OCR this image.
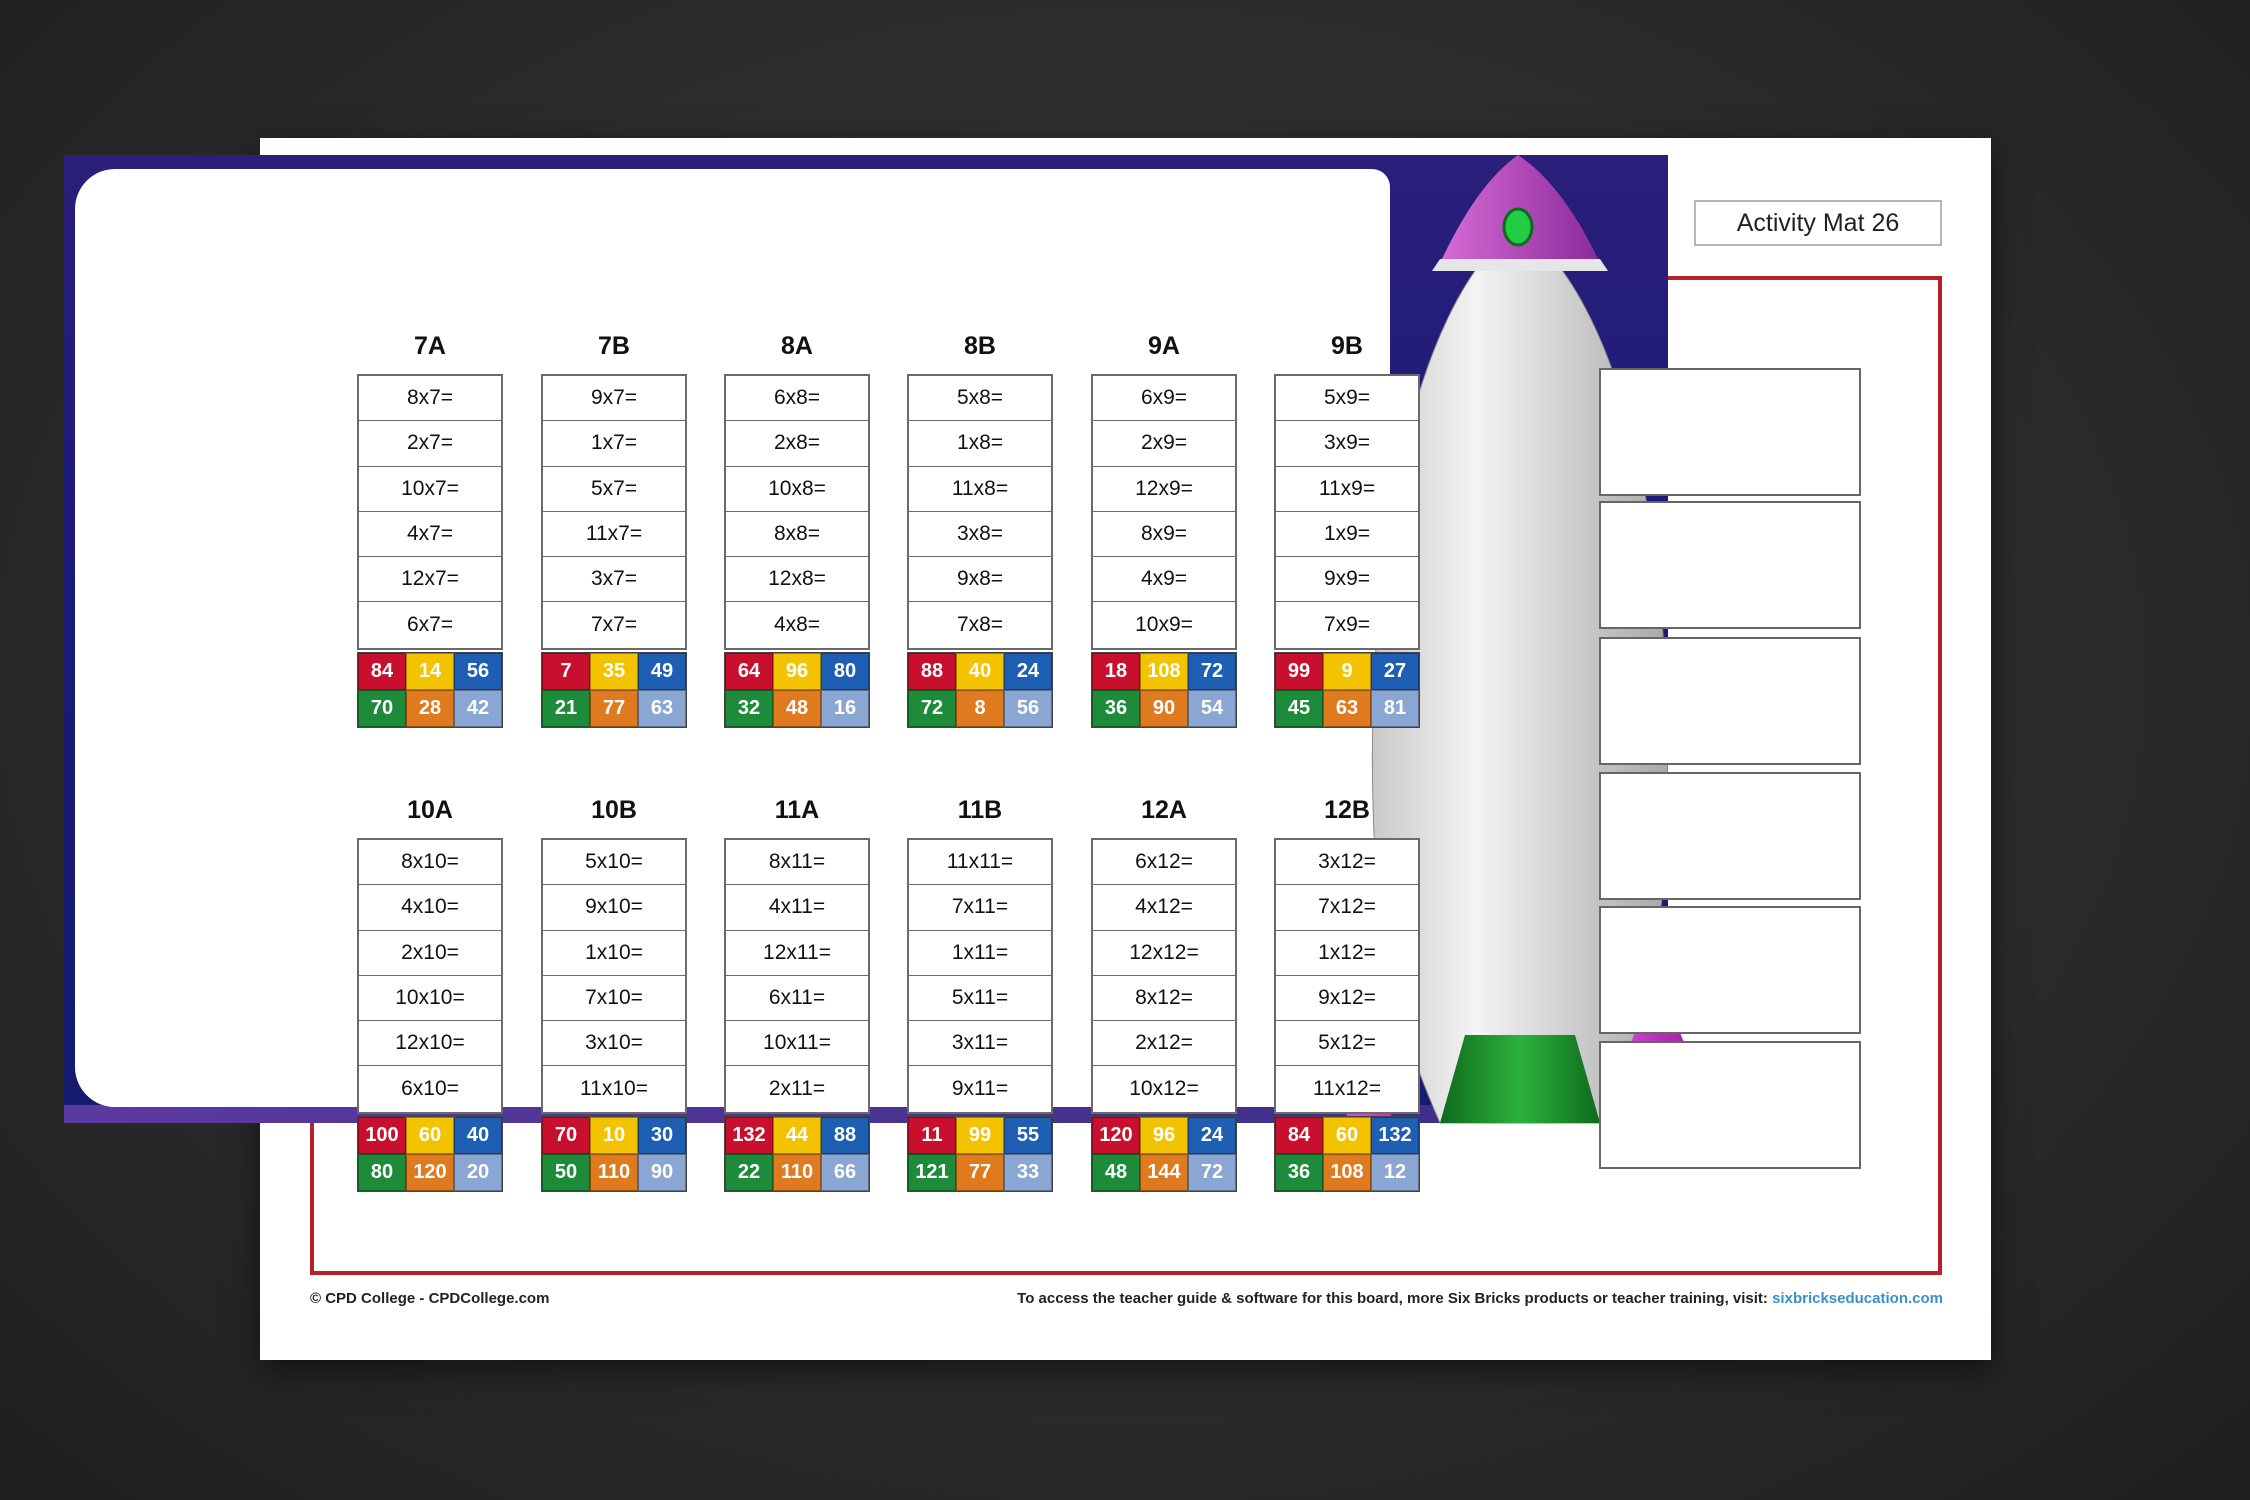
Activity Mat 26
© CPD College - CPDCollege.com	To access the teacher guide & software for this board, more Six Bricks products or teacher training, visit: sixbrickseducation.com
7A
8x7=
2x7=
10x7=
4x7=
12x7=
6x7=
84	14	56
70	28	42
7B
9x7=
1x7=
5x7=
11x7=
3x7=
7x7=
7	35	49
21	77	63
8A
6x8=
2x8=
10x8=
8x8=
12x8=
4x8=
64	96	80
32	48	16
8B
5x8=
1x8=
11x8=
3x8=
9x8=
7x8=
88	40	24
72	8	56
9A
6x9=
2x9=
12x9=
8x9=
4x9=
10x9=
18	108	72
36	90	54
9B
5x9=
3x9=
11x9=
1x9=
9x9=
7x9=
99	9	27
45	63	81
10A
8x10=
4x10=
2x10=
10x10=
12x10=
6x10=
100	60	40
80	120	20
10B
5x10=
9x10=
1x10=
7x10=
3x10=
11x10=
70	10	30
50	110	90
11A
8x11=
4x11=
12x11=
6x11=
10x11=
2x11=
132	44	88
22	110	66
11B
11x11=
7x11=
1x11=
5x11=
3x11=
9x11=
11	99	55
121	77	33
12A
6x12=
4x12=
12x12=
8x12=
2x12=
10x12=
120	96	24
48	144	72
12B
3x12=
7x12=
1x12=
9x12=
5x12=
11x12=
84	60	132
36	108	12
